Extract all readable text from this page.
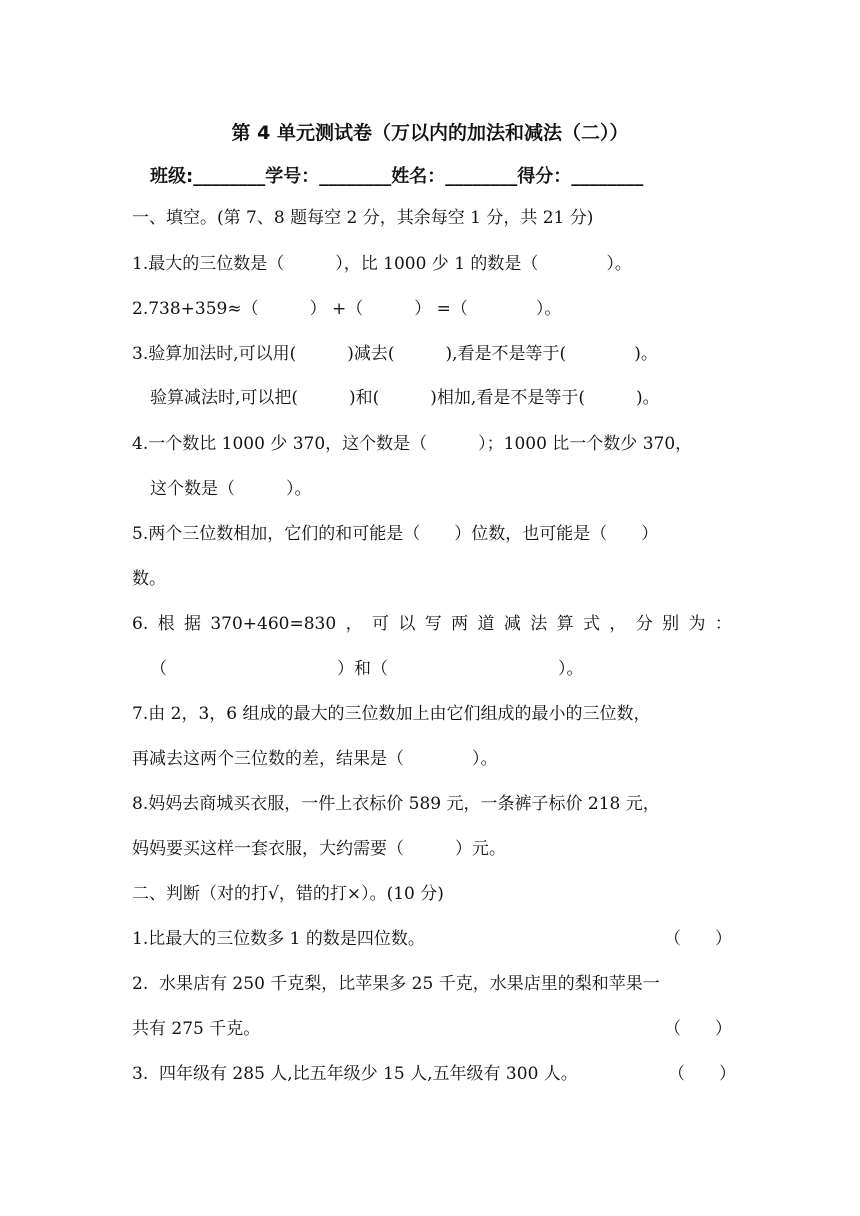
第 4 单元测试卷（万以内的加法和减法（二））
班级:________学号：________姓名：________得分：________
一、填空。(第 7、8 题每空 2 分，其余每空 1 分，共 21 分)
1.最大的三位数是（　　　），比 1000 少 1 的数是（　　　　）。
2.738+359≈（　　　） +（　　　） =（　　　　）。
3.验算加法时,可以用(　　　)减去(　　　),看是不是等于(　　　　)。
验算减法时,可以把(　　　)和(　　　)相加,看是不是等于(　　　)。
4.一个数比 1000 少 370，这个数是（　　　）；1000 比一个数少 370，
这个数是（　　　）。
5.两个三位数相加，它们的和可能是（　　）位数，也可能是（　　）
数。
6. 根 据 370+460=830 ， 可 以 写 两 道 减 法 算 式 ， 分 别 为 ：
（　　　　　　　　　　）和（　　　　　　　　　　）。
7.由 2，3，6 组成的最大的三位数加上由它们组成的最小的三位数，
再减去这两个三位数的差，结果是（　　　　）。
8.妈妈去商城买衣服，一件上衣标价 589 元，一条裤子标价 218 元，
妈妈要买这样一套衣服，大约需要（　　　）元。
二、判断（对的打√，错的打×）。(10 分)
1.比最大的三位数多 1 的数是四位数。	（　　）
2.  水果店有 250 千克梨，比苹果多 25 千克，水果店里的梨和苹果一
共有 275 千克。	（　　）
3.  四年级有 285 人,比五年级少 15 人,五年级有 300 人。	（　　）
